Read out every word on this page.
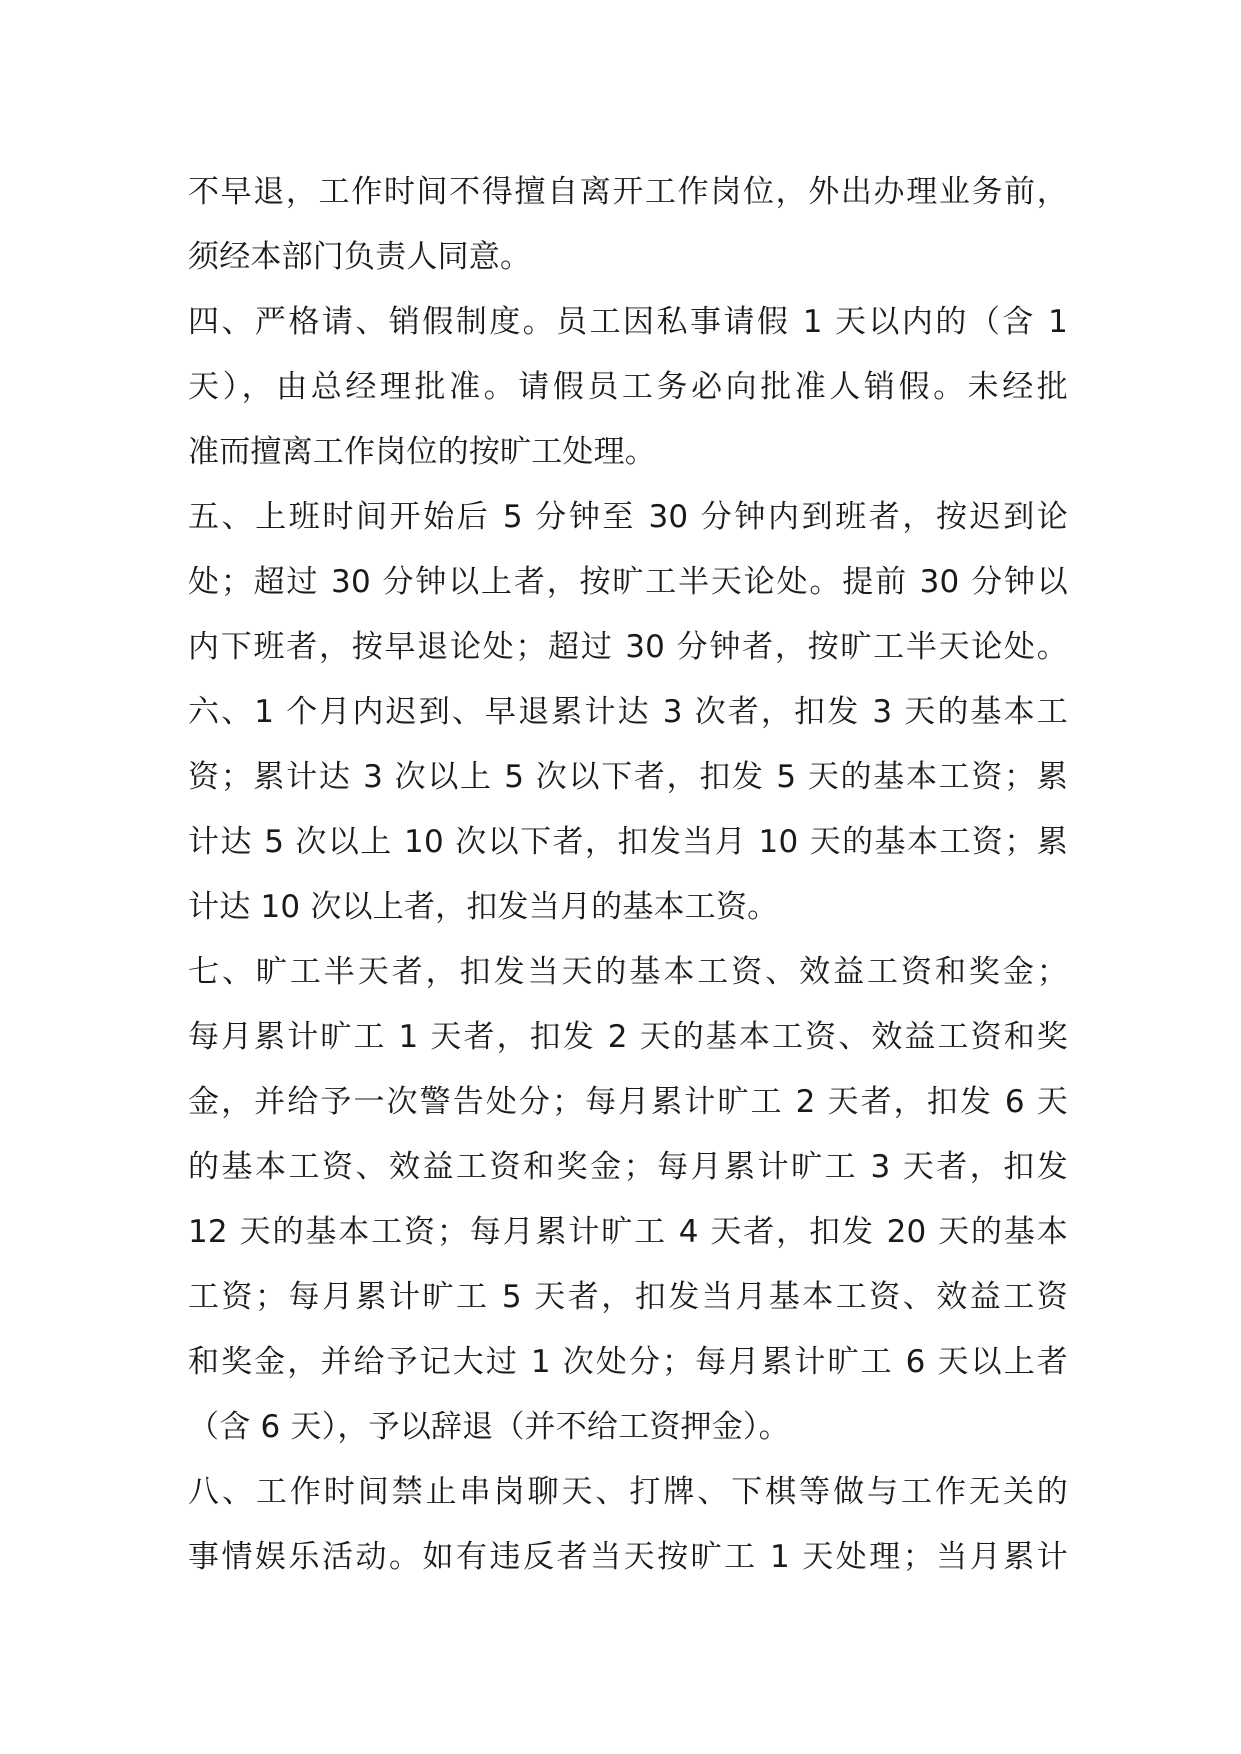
不早退，工作时间不得擅自离开工作岗位，外出办理业务前，
须经本部门负责人同意。
四、严格请、销假制度。员工因私事请假 1 天以内的（含 1
天），由总经理批准。请假员工务必向批准人销假。未经批
准而擅离工作岗位的按旷工处理。
五、上班时间开始后 5 分钟至 30 分钟内到班者，按迟到论
处；超过 30 分钟以上者，按旷工半天论处。提前 30 分钟以
内下班者，按早退论处；超过 30 分钟者，按旷工半天论处。
六、1 个月内迟到、早退累计达 3 次者，扣发 3 天的基本工
资；累计达 3 次以上 5 次以下者，扣发 5 天的基本工资；累
计达 5 次以上 10 次以下者，扣发当月 10 天的基本工资；累
计达 10 次以上者，扣发当月的基本工资。
七、旷工半天者，扣发当天的基本工资、效益工资和奖金；
每月累计旷工 1 天者，扣发 2 天的基本工资、效益工资和奖
金，并给予一次警告处分；每月累计旷工 2 天者，扣发 6 天
的基本工资、效益工资和奖金；每月累计旷工 3 天者，扣发
12 天的基本工资；每月累计旷工 4 天者，扣发 20 天的基本
工资；每月累计旷工 5 天者，扣发当月基本工资、效益工资
和奖金，并给予记大过 1 次处分；每月累计旷工 6 天以上者
（含 6 天），予以辞退（并不给工资押金）。
八、工作时间禁止串岗聊天、打牌、下棋等做与工作无关的
事情娱乐活动。如有违反者当天按旷工 1 天处理；当月累计
